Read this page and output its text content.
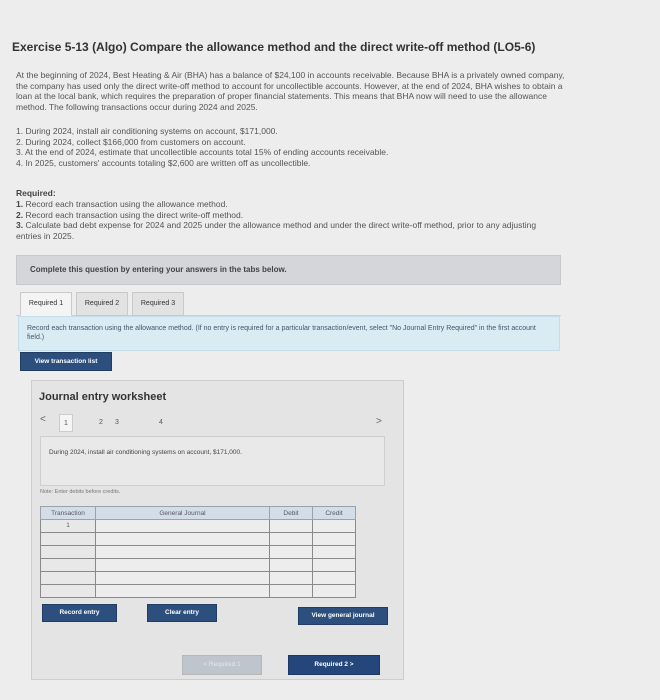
Exercise 5-13 (Algo) Compare the allowance method and the direct write-off method (LO5-6)
At the beginning of 2024, Best Heating & Air (BHA) has a balance of $24,100 in accounts receivable. Because BHA is a privately owned company, the company has used only the direct write-off method to account for uncollectible accounts. However, at the end of 2024, BHA wishes to obtain a loan at the local bank, which requires the preparation of proper financial statements. This means that BHA now will need to use the allowance method. The following transactions occur during 2024 and 2025.
1. During 2024, install air conditioning systems on account, $171,000.
2. During 2024, collect $166,000 from customers on account.
3. At the end of 2024, estimate that uncollectible accounts total 15% of ending accounts receivable.
4. In 2025, customers' accounts totaling $2,600 are written off as uncollectible.
Required:
1. Record each transaction using the allowance method.
2. Record each transaction using the direct write-off method.
3. Calculate bad debt expense for 2024 and 2025 under the allowance method and under the direct write-off method, prior to any adjusting entries in 2025.
Complete this question by entering your answers in the tabs below.
Required 1	Required 2	Required 3
Record each transaction using the allowance method. (If no entry is required for a particular transaction/event, select "No Journal Entry Required" in the first account field.)
View transaction list
Journal entry worksheet
<	1	2	3	4	>
During 2024, install air conditioning systems on account, $171,000.
Note: Enter debits before credits.
Transaction	General Journal	Debit	Credit
1			

Record entry	Clear entry	View general journal
< Required 1	Required 2 >
